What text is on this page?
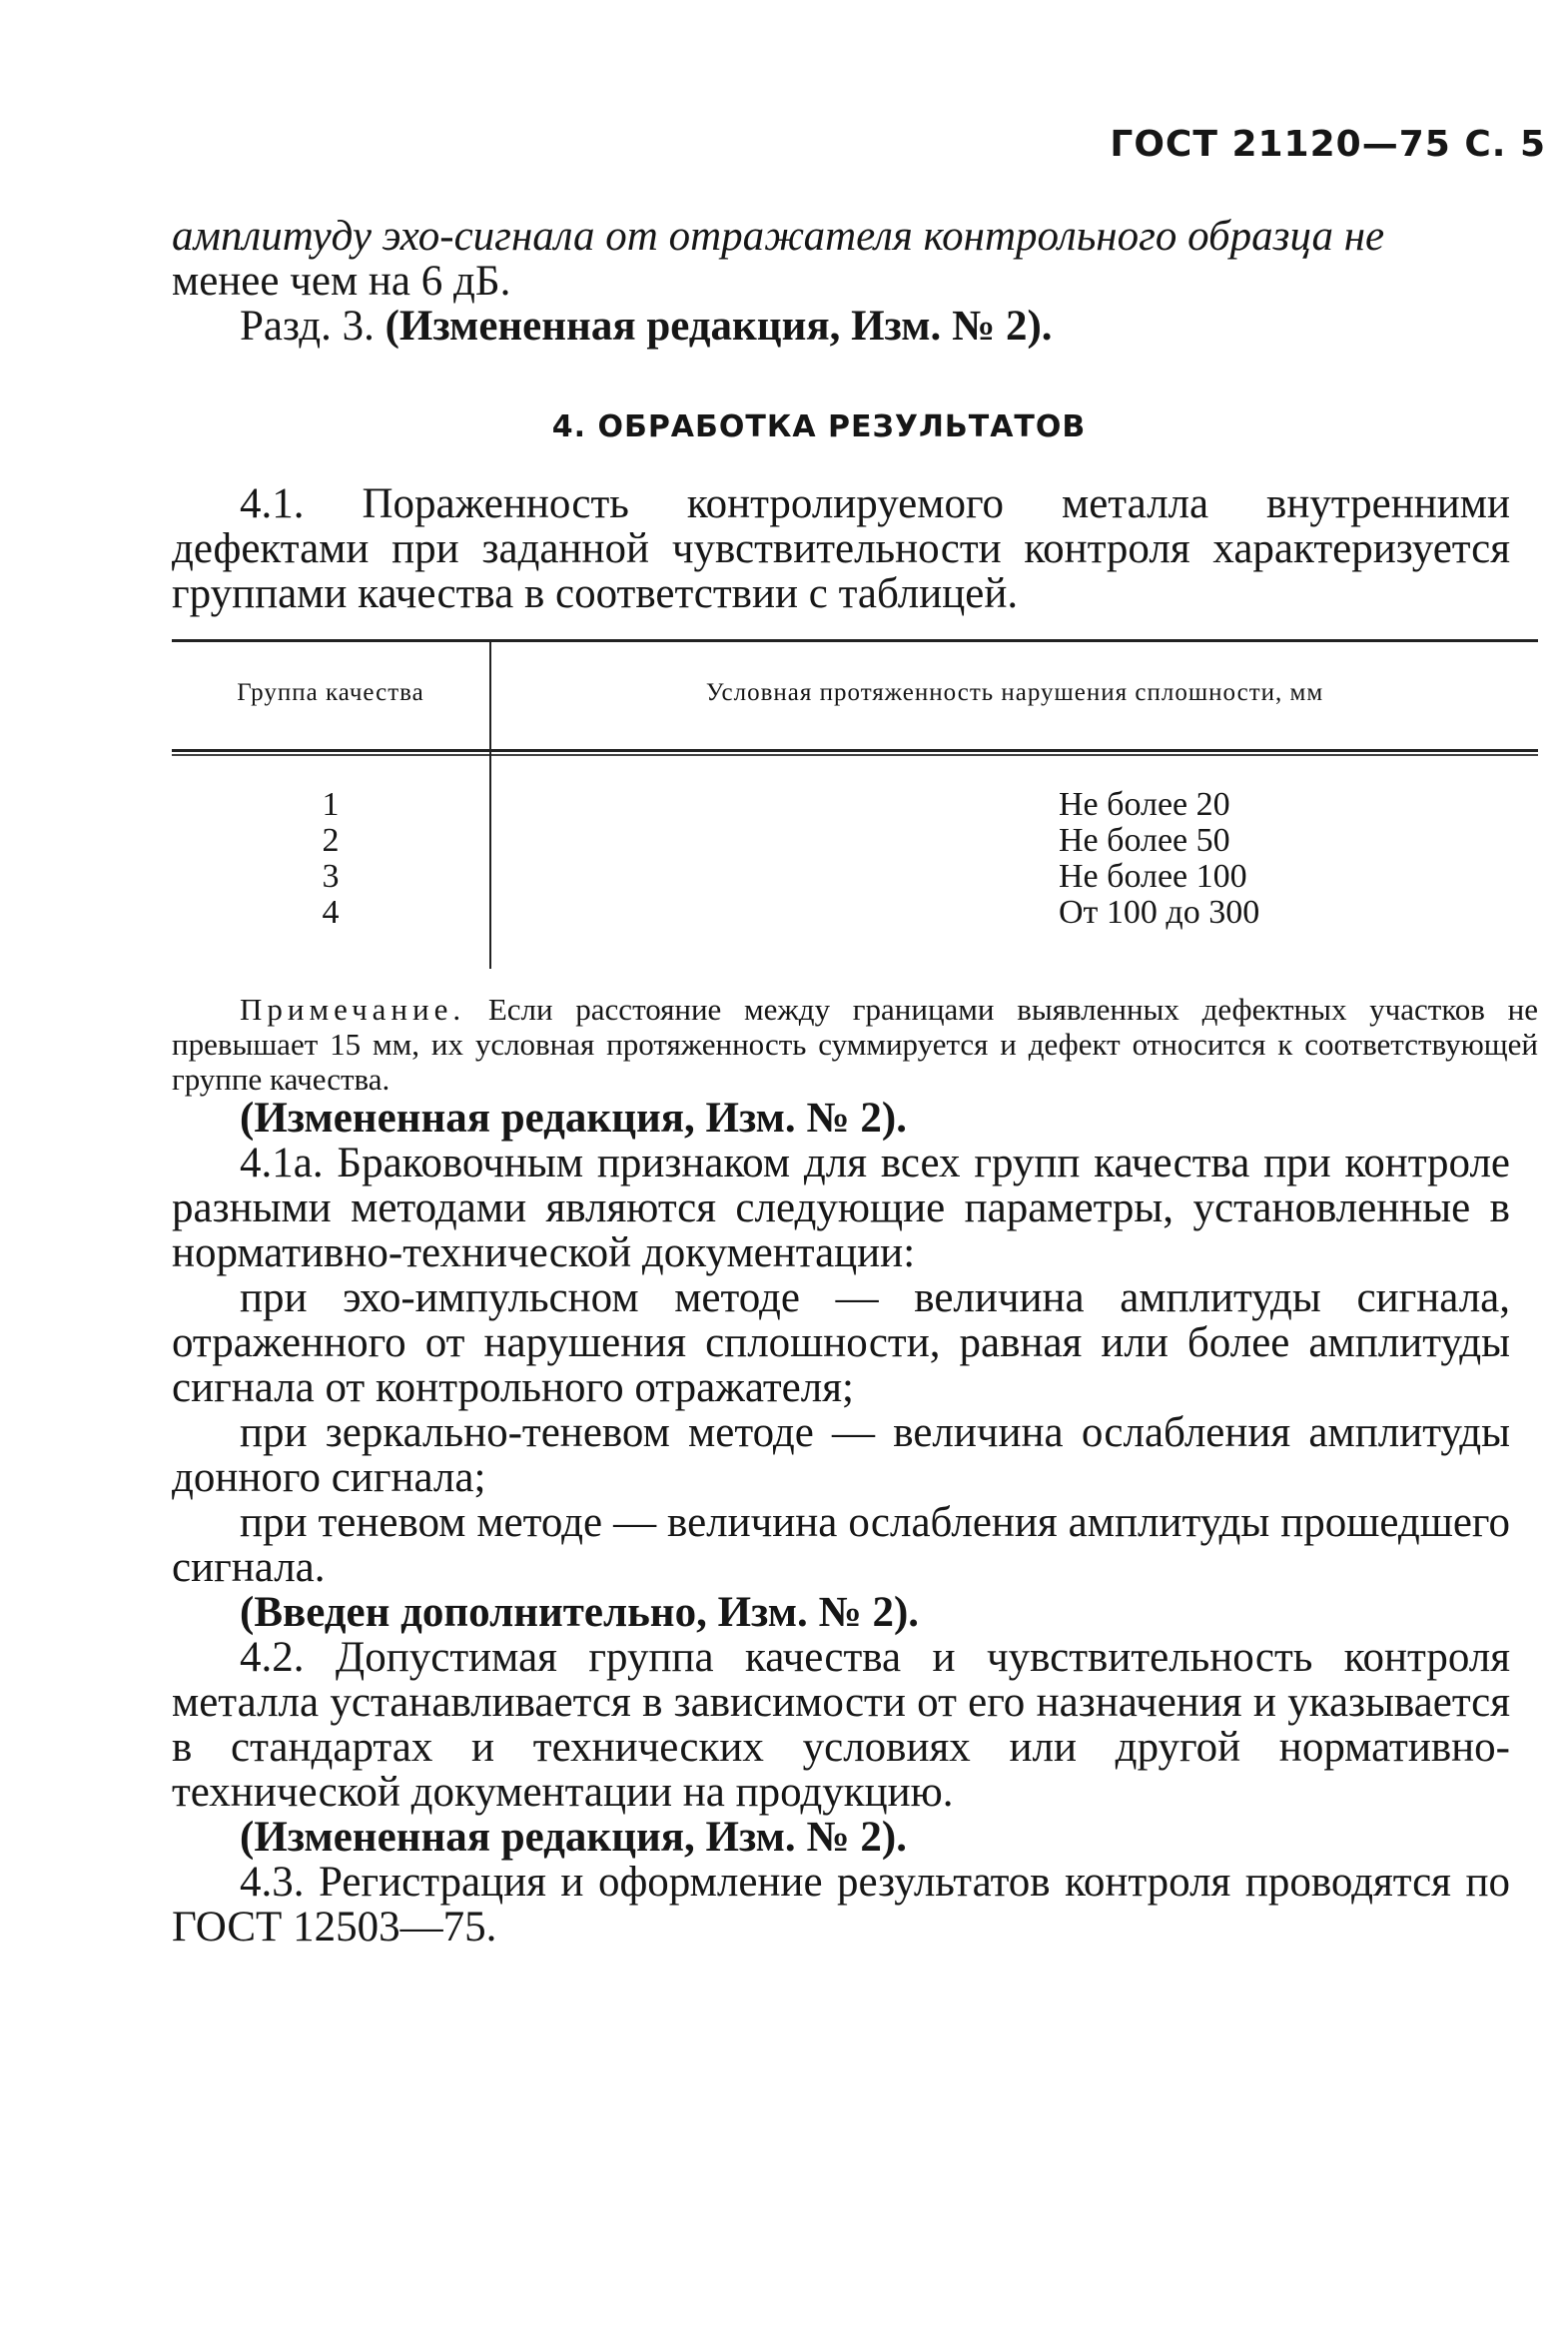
ГОСТ 21120—75 С. 5

амплитуду эхо-сигнала от отражателя контрольного образца не

менее чем на 6 дБ.

Разд. 3. (Измененная редакция, Изм. № 2).

4. ОБРАБОТКА РЕЗУЛЬТАТОВ

4.1. Пораженность контролируемого металла внутренними дефектами при заданной чувствительности контроля характеризуется группами качества в соответствии с таблицей.

Группа качества	Условная протяженность нарушения сплошности, мм
1
2
3
4
Не более 20
Не более 50
Не более 100
От 100 до 300

Примечание. Если расстояние между границами выявленных дефектных участков не превышает 15 мм, их условная протяженность суммируется и дефект относится к соответствующей группе качества.

(Измененная редакция, Изм. № 2).

4.1а. Браковочным признаком для всех групп качества при контроле разными методами являются следующие параметры, установленные в нормативно-технической документации:

при эхо-импульсном методе — величина амплитуды сигнала, отраженного от нарушения сплошности, равная или более амплитуды сигнала от контрольного отражателя;

при зеркально-теневом методе — величина ослабления амплитуды донного сигнала;

при теневом методе — величина ослабления амплитуды прошедшего сигнала.

(Введен дополнительно, Изм. № 2).

4.2. Допустимая группа качества и чувствительность контроля металла устанавливается в зависимости от его назначения и указывается в стандартах и технических условиях или другой нормативно-технической документации на продукцию.

(Измененная редакция, Изм. № 2).

4.3. Регистрация и оформление результатов контроля проводятся по ГОСТ 12503—75.
